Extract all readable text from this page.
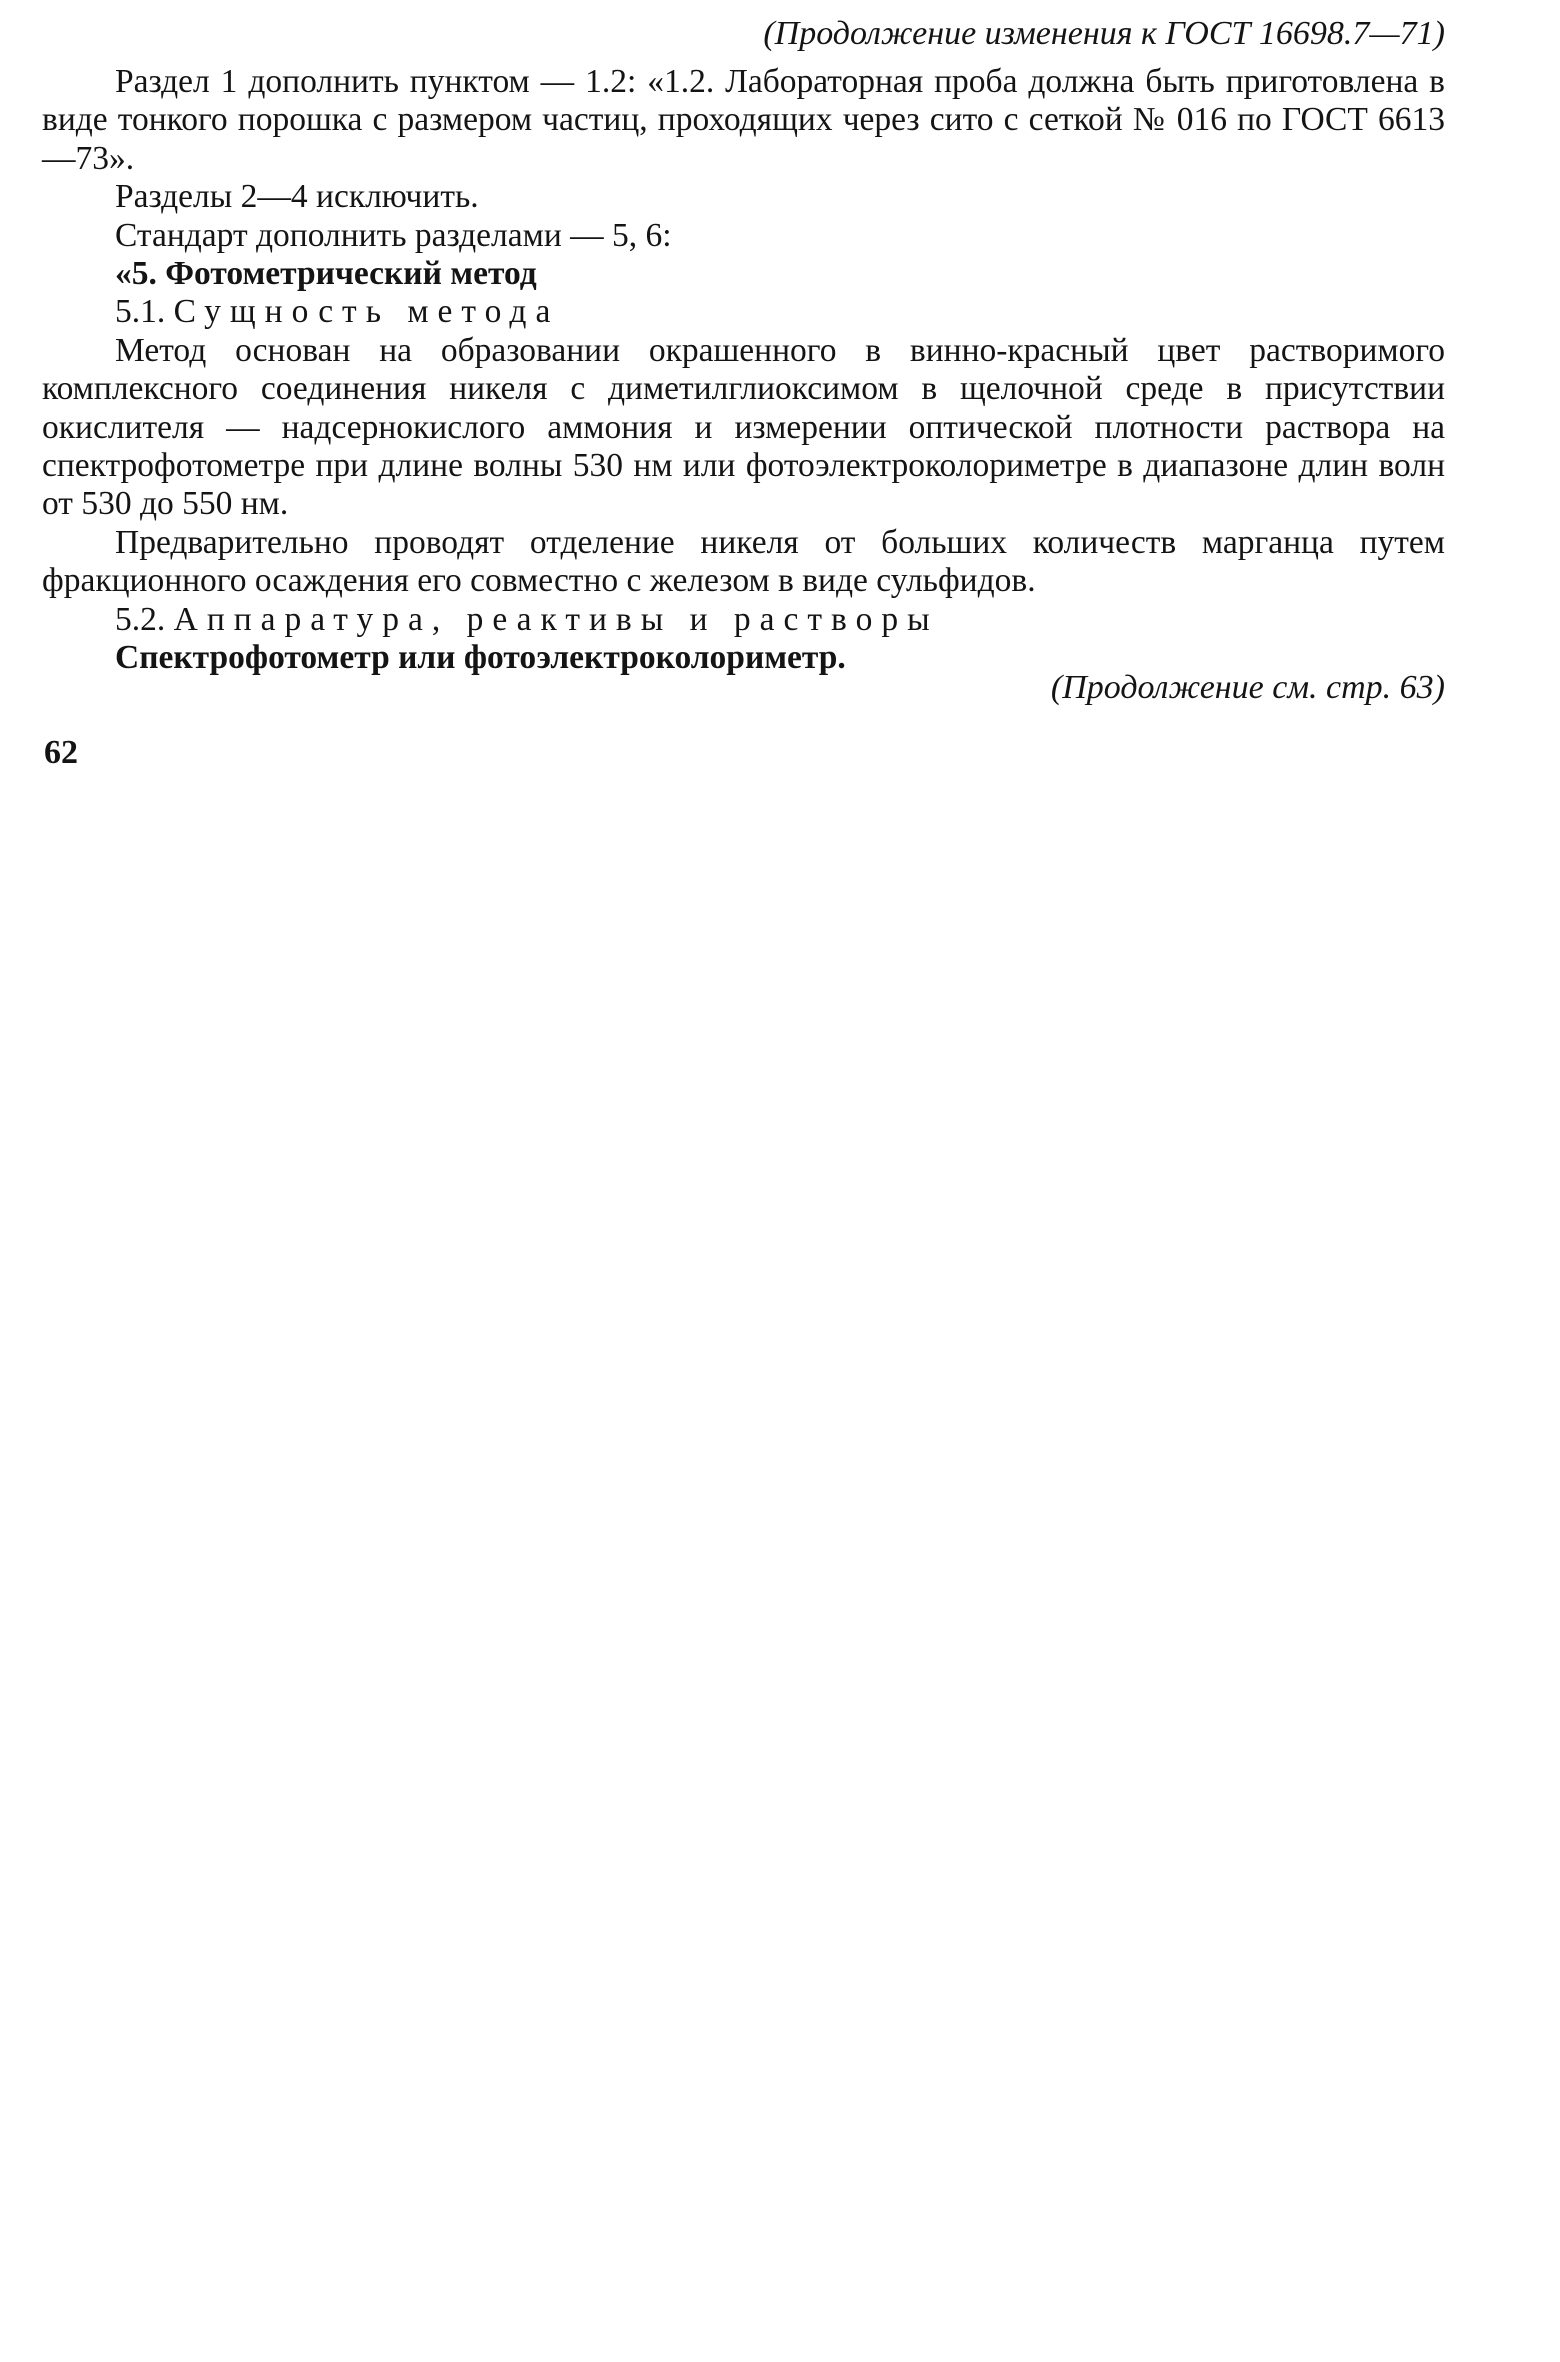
(Продолжение изменения к ГОСТ 16698.7—71)

Раздел 1 дополнить пунктом — 1.2: «1.2. Лабораторная проба должна быть приготовлена в виде тонкого порошка с размером частиц, проходящих через сито с сеткой № 016 по ГОСТ 6613—73».

Разделы 2—4 исключить.

Стандарт дополнить разделами — 5, 6:

«5. Фотометрический метод

5.1. Сущность метода

Метод основан на образовании окрашенного в винно-красный цвет растворимого комплексного соединения никеля с диметилглиоксимом в щелочной среде в присутствии окислителя — надсернокислого аммония и измерении оптической плотности раствора на спектрофотометре при длине волны 530 нм или фотоэлектроколориметре в диапазоне длин волн от 530 до 550 нм.

Предварительно проводят отделение никеля от больших количеств марганца путем фракционного осаждения его совместно с железом в виде сульфидов.

5.2. Аппаратура, реактивы и растворы

Спектрофотометр или фотоэлектроколориметр.

(Продолжение см. стр. 63)
62
